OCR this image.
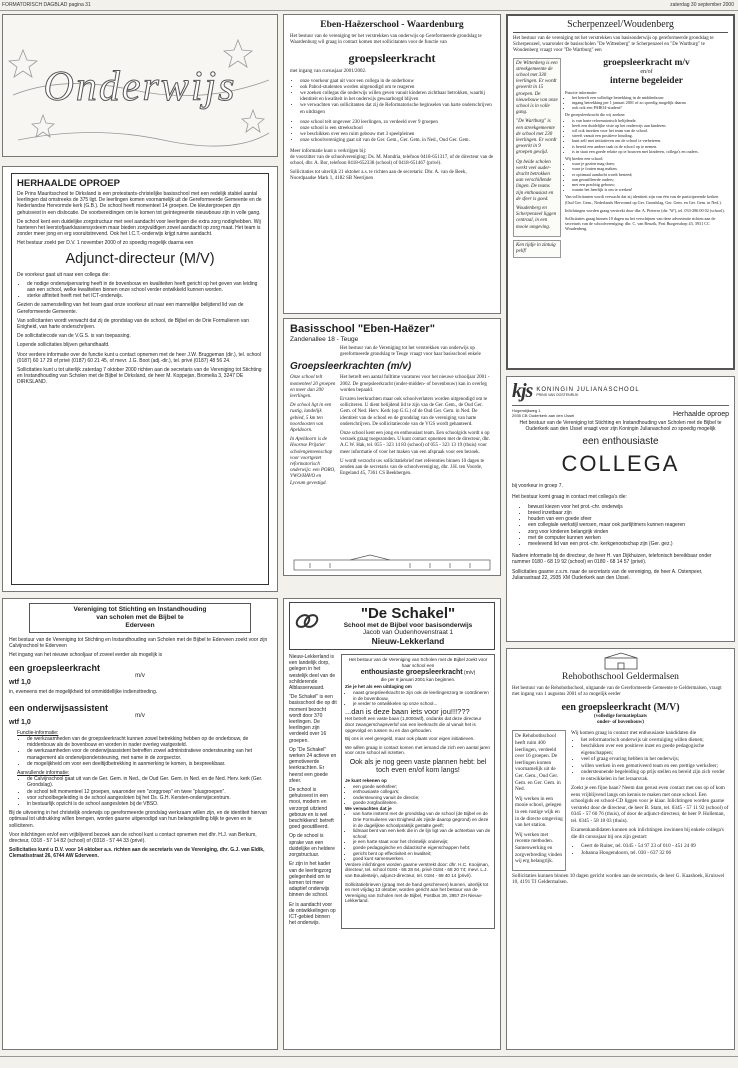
FORMATORISCH DAGBLAD pagina 31	zaterdag 30 september 2000
Onderwijs
HERHAALDE OPROEP

De Prins Mauritsschool te Dirksland is een protestants-christelijke basisschool met een redelijk stabiel aantal leerlingen dat omstreeks de 375 ligt. De leerlingen komen voornamelijk uit de Gereformeerde Gemeente en de Nederlandse Hervormde kerk (G.B.). De school heeft momenteel 14 groepen. De kleutergroepen zijn gehuisvest in een dislocatie. De voorbereidingen om te komen tot geïntegreerde nieuwbouw zijn in volle gang.

De school kent een duidelijke zorgstructuur met veel aandacht voor leerlingen die extra zorg nodighebben. Wij hanteren het leerstofjaarklassensysteem maar bieden zorgvuldigen zowel aandacht op zorg maat. Het team is zonder meer jong en erg vooruitstrevend. Ook het I.C.T.-onderwijs krijgt ruime aandacht.

Het bestuur zoekt per D.V. 1 november 2000 of zo spoedig mogelijk daarna een

Adjunct-directeur (M/V)

De voorkeur gaat uit naar een collega die:

• de nodige onderwijservaring heeft in de bovenbouw en kwaliteiten heeft gericht op het geven van leiding aan een school, welke kwaliteiten binnen onze school verder ontwikkeld kunnen worden.
• sterke affiniteit heeft met het ICT-onderwijs.

Gezien de samenstelling van het team gaat onze voorkeur uit naar een mannelijke belijdend lid van de Gereformeerde Gemeente.

Van sollicitanten wordt verwacht dat zij de grondslag van de school, de Bijbel en de Drie Formulieren van Enigheid, van harte onderschrijven.

De sollicitatiecode van de V.G.S. is van toepassing.

Lopende sollicitaties blijven gehandhaafd.

Voor verdere informatie over de functie kunt u contact opnemen met de heer J.W. Bruggeman (dir.), tel. school (0187) 60 17 29 of privé (0187) 60 21 45, of mevr. J.G. Boot (adj.-dir.), tel. privé (0187) 48 56 24.

Sollicitaties kunt u tot uiterlijk zaterdag 7 oktober 2000 richten aan de secretaris van de Vereniging tot Stichting en Instandhouding van Scholen met de Bijbel te Dirksland, de heer M. Koppejan, Bromelia 3, 3247 DE DIRKSLAND.

Vereniging tot Stichting en Instandhouding
van scholen met de Bijbel te
Ederveen

Het bestuur van de Vereniging tot Stichting en Instandhouding van Scholen met de Bijbel te Ederveen zoekt voor zijn Calvijnschool te Ederveen

Het ingang van het nieuwe schooljaar of zoveel eerder als mogelijk is

een groepsleerkracht
m/v
wtf 1,0
in, eveneens met de mogelijkheid tot ommiddellijke indiensttreding.
een onderwijsassistent
m/v
wtf 1,0
Functie-informatie:
• de werkzaamheden van de groepsleerkracht kunnen zowel betrekking hebben op de onderbouw, de middenbouw als de bovenbouw en worden in nader overleg vastgesteld.
• de werkzaamheden voor de onderwijsassistent betreffen zowel administratieve ondersteuning van het management als onderwijsondersteuning, met name in de zorgsector.
• de mogelijkheid om voor een deeltijdbetrekking in aanmerking te komen, is bespreekbaar.
Aanvullende informatie:
• de Calvijnschool gaat uit van de Ger. Gem. in Ned., de Oud Ger. Gem. in Ned. en de Ned. Herv. kerk (Ger. Grondslag).
• de school telt momenteel 12 groepen, waaronder een "zorggroep" en twee "plusgroepen".
• voor schoolbegeleiding is de school aangesloten bij het Ds. G.H. Kersten-onderwijscentrum.
• in bestuurlijk opzicht is de school aangesloten bij de VBSO.

Bij de uitvoering in het christelijk onderwijs op gereformeerde grondslag werkzaam willen zijn, en de identiteit hiervan optimaal tot uitdrukking willen brengen, worden gaarne uitgenodigd van hun belangstelling blijk te geven en te solliciteren.

Voor inlichtingen en/of een vrijblijvend bezoek aan de school kunt u contact opnemen met dhr. H.J. van Berkum, directeur, 0318 - 57 14 82 (school) of (0318 - 57 44 33 (privé).

Sollicitaties kunt u D.V. voor 14 oktober a.s. richten aan de secretaris van de Vereniging, dhr. G.J. van Eldik, Clematisstraat 26, 6744 AW Ederveen.

Eben-Haëzerschool - Waardenburg
Het bestuur van de vereniging ter het verstrekken van onderwijs op Gereformeerde grondslag te Waardenburg wil graag in contact komen met sollicitanten voor de functie van
groepsleerkracht
met ingang van cursusjaar 2001/2002.
• onze voorkeur gaat uit voor een collega in de onderbouw
• ook Pabo4-studenten worden uitgenodigd om te reageren
• we zoeken collegas die onderwijs willen geven vanuit kinderen zichtbaar betrokken, waarbij identiteit en kwaliteit in het onderwijs gewaarborgd blijven
• we verwachten van sollicitanten dat zij de Reformatorische beginselen van harte onderschrijven en uitdragen
• onze school telt ongeveer 230 leerlingen, zo verdeeld over 9 groepen
• onze school is een streekschool
• we beschikken over een ruim gebouw met 3 speelpleinen
• onze schoolvereniging gaat uit van de Ger. Gem., Ger. Gem. in Ned., Oud Ger. Gem.
Meer informatie kunt u verkrijgen bij:

de voorzitter van de schoolvereniging: Ds. M. Mondria, telefoon 0418-651317, of de directeur van de school, dhr. A. Bor, telefoon 0418-652338 (school) of 0418-651467 (privé).

Sollicitaties tot uiterlijk 21 oktober a.s. te richten aan de secretaris: Dhr. A. van de Beek, Noordpaadse Mark 1, 4182 SB Neerijnen

Basisschool "Eben-Haëzer"
Zandenallee 18 - Teuge
Het bestuur van de Vereniging tot het verstrekken van onderwijs op gereformeerde grondslag te Teuge vraagt voor haar basisschool enkele
Groepsleerkrachten (m/v)

Onze school telt momenteel 20 groepen en meer dan 200 leerlingen.

De school ligt in een rustig, landelijk gebied, 5 km ten noordoosten van Apeldoorn.

In Apeldoorn is de Hoornse Prijstier scholengemeenschap voor voortgezet reformatorisch onderwijs: een PORO, VWO/HAVO en Lyceum gevestigd.

Het betreft een aantal fulltime vacatures voor het nieuwe schooljaar 2001 - 2002. De groepsleerkracht (onder-midden- of bovenbouw) kan in overleg worden bepaald.

Ervaren leerkrachten maar ook schoolverlaters worden uitgenodigd om te solliciteren. U dient belijdend lid te zijn van de Ger. Gem., de Oud Ger. Gem. of Ned. Herv. Kerk (op G.G.) of de Oud Ger. Gem. in Ned. De identiteit van de school en de grondslag van de vereniging van harte onderschrijven. De sollicitatiecode van de VGS wordt gehanteerd.

Onze school kent een jong en enthousiast team. Een schoolgids wordt u op verzoek graag toegezonden. U kunt contact opnemen met de directeur, dhr. A.C.W. Hak, tel. 055 - 323 14 83 (school) of 055 - 323 13 19 (thuis) voor meer informatie of voor het maken van een afspraak voor een bezoek.

U wordt verzocht uw sollicitatiebrief met referenties binnen 10 dagen te zenden aan de secretaris van de schoolvereniging, dhr. J.H. ten Voorde, Engeland 45, 7361 CS Beekbergen.

"De Schakel"
School met de Bijbel voor basisonderwijs
Jacob van Oudenhovenstraat 1
Nieuw-Lekkerland

Nieuw-Lekkerland is een landelijk dorp, gelegen in het westelijk deel van de schilderende Alblasserwaard.

"De Schakel" is een basisschool die op dit moment bezocht wordt door 370 leerlingen. De leerlingen zijn verdeeld over 16 groepen.

Op "De Schakel" werken 24 actieve en gemotiveerde leerkrachten. Er heerst een goede sfeer.

De school is gehuisvest in een mooi, modern en verzorgd uitziend gebouw en is wel beschikkend: betreft goed geoutilleerd.

Op de school is sprake van een duidelijke en heldere zorgstructuur.

Er zijn in het kader van de leerlingzorg gelegenheid om te komen tot meer adaptief onderwijs binnen de school.

Er is aandacht voor de ontwikkelingen op ICT-gebied binnen het onderwijs.

Het bestuur van de Vereniging van Scholen met de Bijbel zoekt voor haar school een
enthousiaste groepsleerkracht (m/v)
die per 8 januari 2001 kan beginnen.
Zie je het als een uitdaging om
• naast groepsleerkracht te zijn ook de leerlingenzorg te coördineren in de bovenbouw,
• je verder te ontwikkelen op onze school...
...dan is deze baan iets voor jou!!!???

Het betreft een vaste baan (1,0000wtf), ondanks dat deze directeur door zwangerschapsverlof van een leerkracht die al vanuit het is opgevolgd en tussen nu en dan gehouden.

Bij ons is veel geregeld, maar ook plaats voor eigen initiatieven.

We willen graag in contact komen met iemand die zich een aantal jaren voor onze school wil inzetten.

Ook als je nog geen vaste plannen hebt: bel toch even en/of kom langs!
Je kunt rekenen op
• een goede werksfeer;
• enthousiaste collega's;
• ondersteuning vanuit de directie;
• goede zorgfaciliteiten.
We verwachten dat je
• van harte instemt met de grondslag van de school (de Bijbel en de Drie Formulieren van Enigheid als zijnde daarop gegrond) en deze in de dagelijkse schoolpraktijk gestalte geeft;
• lidmaat bent van een kerk die in de lijn ligt van de achterban van de school;
• je een harte staat voor het christelijk onderwijs;
• goede pedagogische en didactische eigenschappen hebt;
• gericht bent op effectiviteit en kwaliteit;
• goed kunt samenwerken.

Verdere inlichtingen worden gaarne verstrekt door: dhr. H.C. Kooijman, directeur, tel. school 0184 - 68 28 64, privé 0184 - 68 20 74; mevr. L.J. van Boudesteijn, adjunct-directeur, tel. 0184 - 68 40 14 (privé).

Sollicitatiebrieven (graag met de hand geschreven) kunnen, uiterlijk tot en met vrijdag 13 oktober, worden gericht aan het bestuur van de Vereniging van Scholen met de Bijbel, Postbus 39, 2957 ZH Nieuw-Lekkerland.

Scherpenzeel/Woudenberg
Het bestuur van de vereniging tot het verstrekken van basisonderwijs op gereformeerde grondslag te Scherpenzeel, waaronder de basisscholen "De Wittenberg" te Scherpenzeel en "De Wartburg" te Woudenberg vraagt voor "De Wartburg" een

De Wittenberg is een streekgemeente de school met 330 leerlingen. Er wordt gewerkt in 15 groepen. De nieuwbouw van onze school is in volle gang.

"De Wartburg" is een streekgemeente de school met 230 leerlingen. Er wordt gewerkt in 9 groepen gewijd.

Op beide scholen werkt veel ouder-dracht betrokken aan verschillende lingen. De teams zijn enthousiast en de sfeer is goed.

Woudenberg en Scherpenzeel liggen centraal, in een mooie omgeving.

Ken tijdje in zintuig pelif!
groepsleerkracht m/v
en/of
interne begeleider
Functie informatie:
• het betreft een volledige betrekking in de middenbouw
• ingang betrekking per 1 januari 2001 of zo spoedig mogelijk daarna
• ook ook een PABO4-student?
De groepsleerkracht die wij zoeken:
• is van harte reformatorisch belijdende.
• heeft een duidelijke visie op het onderwijs aan kinderen.
• wil ook inzetten voor het team van de school.
• streeft vanuit een positieve houding.
• kunt zelf met initiatieven om de school te verbeteren.
• is bereid een andere taak in de school op te nemen.
• is in staat een goede relatie op te bouwen met kinderen, collega's en ouders.
Wij bieden een school:
• waar je gezien mag doen;
• waar je fouten mag maken;
• er optimaal aandacht wordt besteed;
• aan geoutilleerde ouders;
• met een prachtig gebouw;
• waarin het heerlijk is om te werken!

Van sollicitanten wordt verwacht dat zij identiteit zijn van één van de participerende kerken (Oud Ger. Gem., Nederlands Hervormd op Ger. Grondslag, Ger. Gem. en Ger. Gem. in Ned.).

Inlichtingen worden graag verstrekt door dhr. A. Pieterse (dir. 'W'), tel. 033-286 00 02 (school).

Sollicitaties graag binnen 10 dagen na het verschijnen van deze advertentie richten aan de secretaris van de schoolvereniging: dhr. C. van Beuzik, Post Burgersdorp 43, 3931 CC Woudenberg.

kjs KONINGIN JULIANASCHOOL
PRINS VAN OOSTENRIJK
Hogendijkweg 1
2935 CB Ouderkerk aan den IJssel	Herhaalde oproep
Het bestuur van de Vereniging tot Stichting en Instandhouding van Scholen met de Bijbel te Ouderkerk aan den IJssel vraagt voor zijn Koningin Julianaschool zo spoedig mogelijk
een enthousiaste
COLLEGA
bij voorkeur in groep 7.
Het bestuur komt graag in contact met collega's die:
• bewust kiezen voor het prot.-chr. onderwijs
• breed inzetbaar zijn
• houden van een goede sfeer
• een collegiale werkstijl wensen, maar ook partijtimers kunnen reageren
• zorg voor kinderen belangrijk vinden
• met de computer kunnen werken
• meelevend lid van een prot.-chr. kerkgenootschap zijn (Ger. gez.)

Nadere informatie bij de directeur, de heer H. van Dijkhuizen, telefonisch bereikbaar onder nummer 0180 - 68 19 92 (school) en 0180 - 68 14 57 (privé).

Sollicitaties gaarne z.s.m. naar de secretaris van de vereniging, de heer A. Ostenpeer, Julianastraat 22, 2935 XM Ouderkerk aan den IJssel.

Rehobothschool Geldermalsen
Het bestuur van de Rehobothschool, uitgaande van de Gereformeerde Gemeente te Geldermalsen, vraagt met ingang van 1 augustus 2001 of zo mogelijk eerder
een groepsleerkracht (M/V)
(volledige formatieplaats
onder- of bovenbouw)

De Rehobothschool heeft ruim 400 leerlingen, verdeeld over 16 groepen. De leerlingen komen voornamelijk uit de Ger. Gem., Oud Ger. Gem. en Ger. Gem. in Ned.

Wij werken in een mooie school, gelegen in een rustige wijk en in de directe omgeving van het station.

Wij werken met recente methoden. Samenwerking en zorgverbreding vinden wij erg belangrijk.

Wij komen graag in contact met enthousiaste kandidaten die
• het reformatorisch onderwijs uit overtuiging willen dienen;
• beschikken over een positieve inzet en goede pedagogische eigenschappen;
• veel of graag ervaring hebben in het onderwijs;
• willen werken in een gemotiveerd team en een prettige werksfeer;
• ondersteunende begeleiding op prijs stellen en bereid zijn zich verder te ontwikkelen in het leraarsvak.

Zoekt je een fijne baan? Neem dan gerust even contact met ons op of kom eens vrijblijvend langs om kennis te maken met onze school. Een schoolgids en school-CD liggen voor je klaar. Inlichtingen worden gaarne verstrekt door de directeur, de heer B. Stam, tel. 0345 - 57 11 92 (school) of 0345 - 57 60 76 (thuis), of door de adjunct-directeur, de heer P. Holleman, tel. 0345 - 58 18 03 (thuis).

Examenkandidaten kunnen ook inlichtingen inwinnen bij enkele collega's die dit cursusjaar bij ons zijn gestart:

• Geert de Ruiter, tel. 0345 - 54 97 23 of 010 - 451 24 09
• Johanna Hoogendoorn, tel. 030 - 637 32 06
Sollicitaties kunnen binnen 10 dagen gericht worden aan de secretaris, de heer G. Kaashoek, Kruiswel 10, 4191 TJ Geldermalsen.
